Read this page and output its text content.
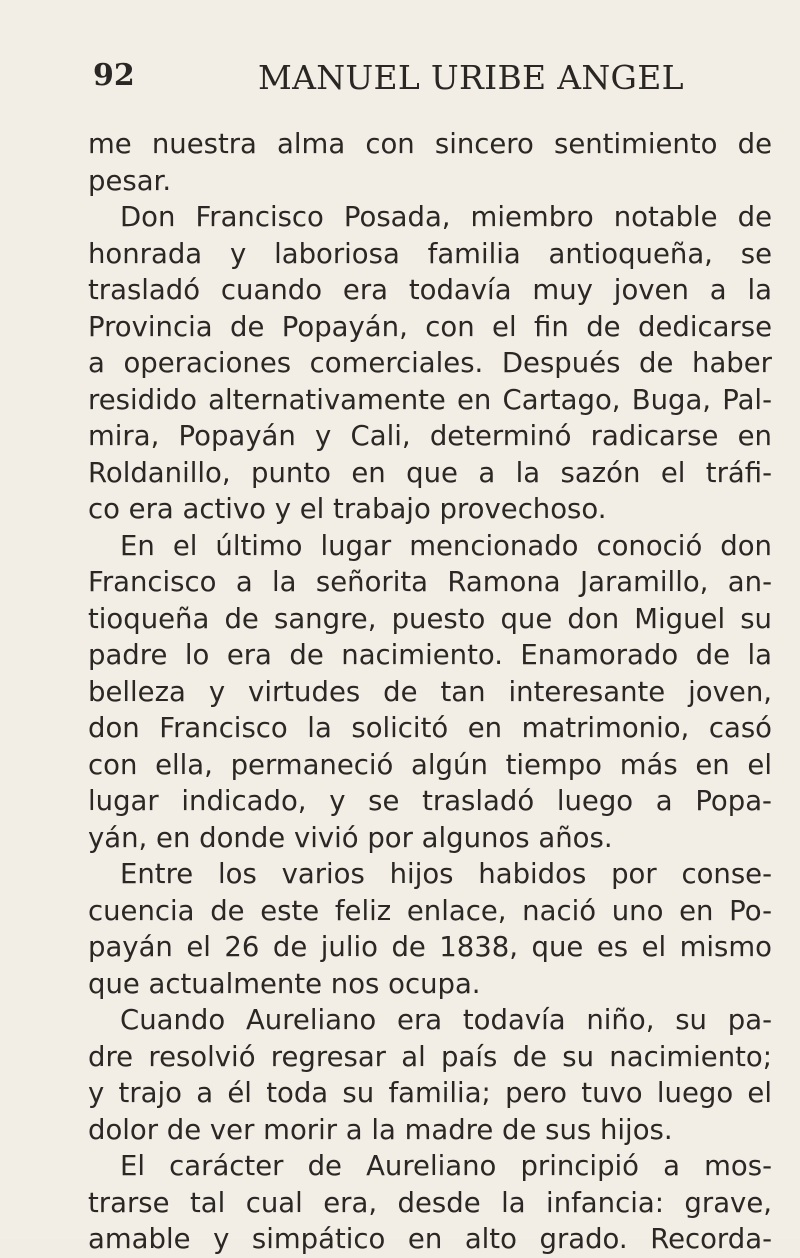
92	MANUEL URIBE ANGEL
me nuestra alma con sincero sentimiento de
pesar.
Don Francisco Posada, miembro notable de
honrada y laboriosa familia antioqueña, se
trasladó cuando era todavía muy joven a la
Provincia de Popayán, con el fin de dedicarse
a operaciones comerciales. Después de haber
residido alternativamente en Cartago, Buga, Pal-
mira, Popayán y Cali, determinó radicarse en
Roldanillo, punto en que a la sazón el tráfi-
co era activo y el trabajo provechoso.
En el último lugar mencionado conoció don
Francisco a la señorita Ramona Jaramillo, an-
tioqueña de sangre, puesto que don Miguel su
padre lo era de nacimiento. Enamorado de la
belleza y virtudes de tan interesante joven,
don Francisco la solicitó en matrimonio, casó
con ella, permaneció algún tiempo más en el
lugar indicado, y se trasladó luego a Popa-
yán, en donde vivió por algunos años.
Entre los varios hijos habidos por conse-
cuencia de este feliz enlace, nació uno en Po-
payán el 26 de julio de 1838, que es el mismo
que actualmente nos ocupa.
Cuando Aureliano era todavía niño, su pa-
dre resolvió regresar al país de su nacimiento;
y trajo a él toda su familia; pero tuvo luego el
dolor de ver morir a la madre de sus hijos.
El carácter de Aureliano principió a mos-
trarse tal cual era, desde la infancia: grave,
amable y simpático en alto grado. Recorda-
